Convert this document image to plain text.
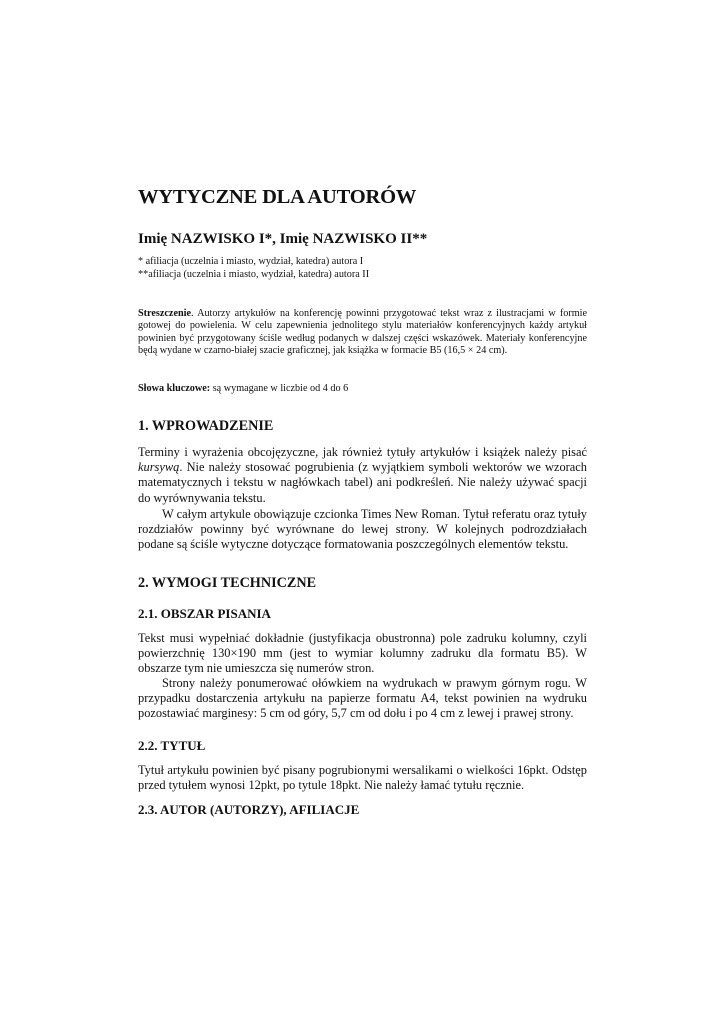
WYTYCZNE DLA AUTORÓW

Imię NAZWISKO I*, Imię NAZWISKO II**

* afiliacja (uczelnia i miasto, wydział, katedra) autora I

**afiliacja (uczelnia i miasto, wydział, katedra) autora II

Streszczenie. Autorzy artykułów na konferencję powinni przygotować tekst wraz z ilustracjami w formie gotowej do powielenia. W celu zapewnienia jednolitego stylu materiałów konferencyjnych każdy artykuł powinien być przygotowany ściśle według podanych w dalszej części wskazówek. Materiały konferencyjne będą wydane w czarno-białej szacie graficznej, jak książka w formacie B5 (16,5 × 24 cm).

Słowa kluczowe: są wymagane w liczbie od 4 do 6

1. WPROWADZENIE

Terminy i wyrażenia obcojęzyczne, jak również tytuły artykułów i książek należy pisać kursywą. Nie należy stosować pogrubienia (z wyjątkiem symboli wektorów we wzorach matematycznych i tekstu w nagłówkach tabel) ani podkreśleń. Nie należy używać spacji do wyrównywania tekstu.

W całym artykule obowiązuje czcionka Times New Roman. Tytuł referatu oraz tytuły rozdziałów powinny być wyrównane do lewej strony. W kolejnych podrozdziałach podane są ściśle wytyczne dotyczące formatowania poszczególnych elementów tekstu.

2. WYMOGI TECHNICZNE
2.1. OBSZAR PISANIA

Tekst musi wypełniać dokładnie (justyfikacja obustronna) pole zadruku kolumny, czyli powierzchnię 130×190 mm (jest to wymiar kolumny zadruku dla formatu B5). W obszarze tym nie umieszcza się numerów stron.

Strony należy ponumerować ołówkiem na wydrukach w prawym górnym rogu. W przypadku dostarczenia artykułu na papierze formatu A4, tekst powinien na wydruku pozostawiać marginesy: 5 cm od góry, 5,7 cm od dołu i po 4 cm z lewej i prawej strony.

2.2. TYTUŁ

Tytuł artykułu powinien być pisany pogrubionymi wersalikami o wielkości 16pkt. Odstęp przed tytułem wynosi 12pkt, po tytule 18pkt. Nie należy łamać tytułu ręcznie.

2.3. AUTOR (AUTORZY), AFILIACJE
